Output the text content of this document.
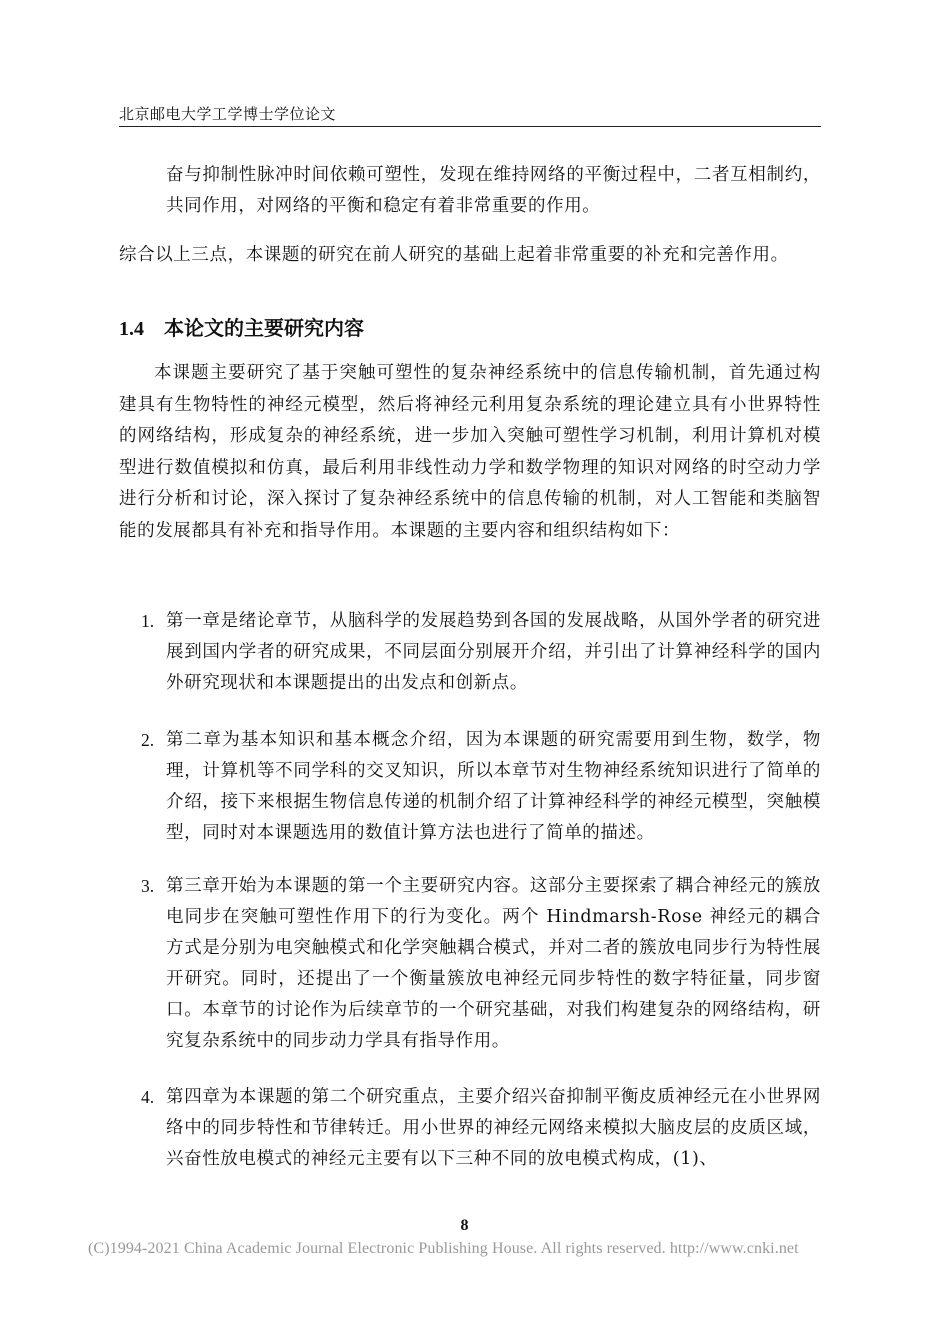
北京邮电大学工学博士学位论文

奋与抑制性脉冲时间依赖可塑性，发现在维持网络的平衡过程中，二者互相制约，共同作用，对网络的平衡和稳定有着非常重要的作用。

综合以上三点，本课题的研究在前人研究的基础上起着非常重要的补充和完善作用。

1.4 本论文的主要研究内容

本课题主要研究了基于突触可塑性的复杂神经系统中的信息传输机制，首先通过构建具有生物特性的神经元模型，然后将神经元利用复杂系统的理论建立具有小世界特性的网络结构，形成复杂的神经系统，进一步加入突触可塑性学习机制，利用计算机对模型进行数值模拟和仿真，最后利用非线性动力学和数学物理的知识对网络的时空动力学进行分析和讨论，深入探讨了复杂神经系统中的信息传输的机制，对人工智能和类脑智能的发展都具有补充和指导作用。本课题的主要内容和组织结构如下：

1. 第一章是绪论章节，从脑科学的发展趋势到各国的发展战略，从国外学者的研究进展到国内学者的研究成果，不同层面分别展开介绍，并引出了计算神经科学的国内外研究现状和本课题提出的出发点和创新点。

2. 第二章为基本知识和基本概念介绍，因为本课题的研究需要用到生物，数学，物理，计算机等不同学科的交叉知识，所以本章节对生物神经系统知识进行了简单的介绍，接下来根据生物信息传递的机制介绍了计算神经科学的神经元模型，突触模型，同时对本课题选用的数值计算方法也进行了简单的描述。

3. 第三章开始为本课题的第一个主要研究内容。这部分主要探索了耦合神经元的簇放电同步在突触可塑性作用下的行为变化。两个 Hindmarsh-Rose 神经元的耦合方式是分别为电突触模式和化学突触耦合模式，并对二者的簇放电同步行为特性展开研究。同时，还提出了一个衡量簇放电神经元同步特性的数字特征量，同步窗口。本章节的讨论作为后续章节的一个研究基础，对我们构建复杂的网络结构，研究复杂系统中的同步动力学具有指导作用。

4. 第四章为本课题的第二个研究重点，主要介绍兴奋抑制平衡皮质神经元在小世界网络中的同步特性和节律转迁。用小世界的神经元网络来模拟大脑皮层的皮质区域，兴奋性放电模式的神经元主要有以下三种不同的放电模式构成，(1)、

8
(C)1994-2021 China Academic Journal Electronic Publishing House. All rights reserved. http://www.cnki.net
